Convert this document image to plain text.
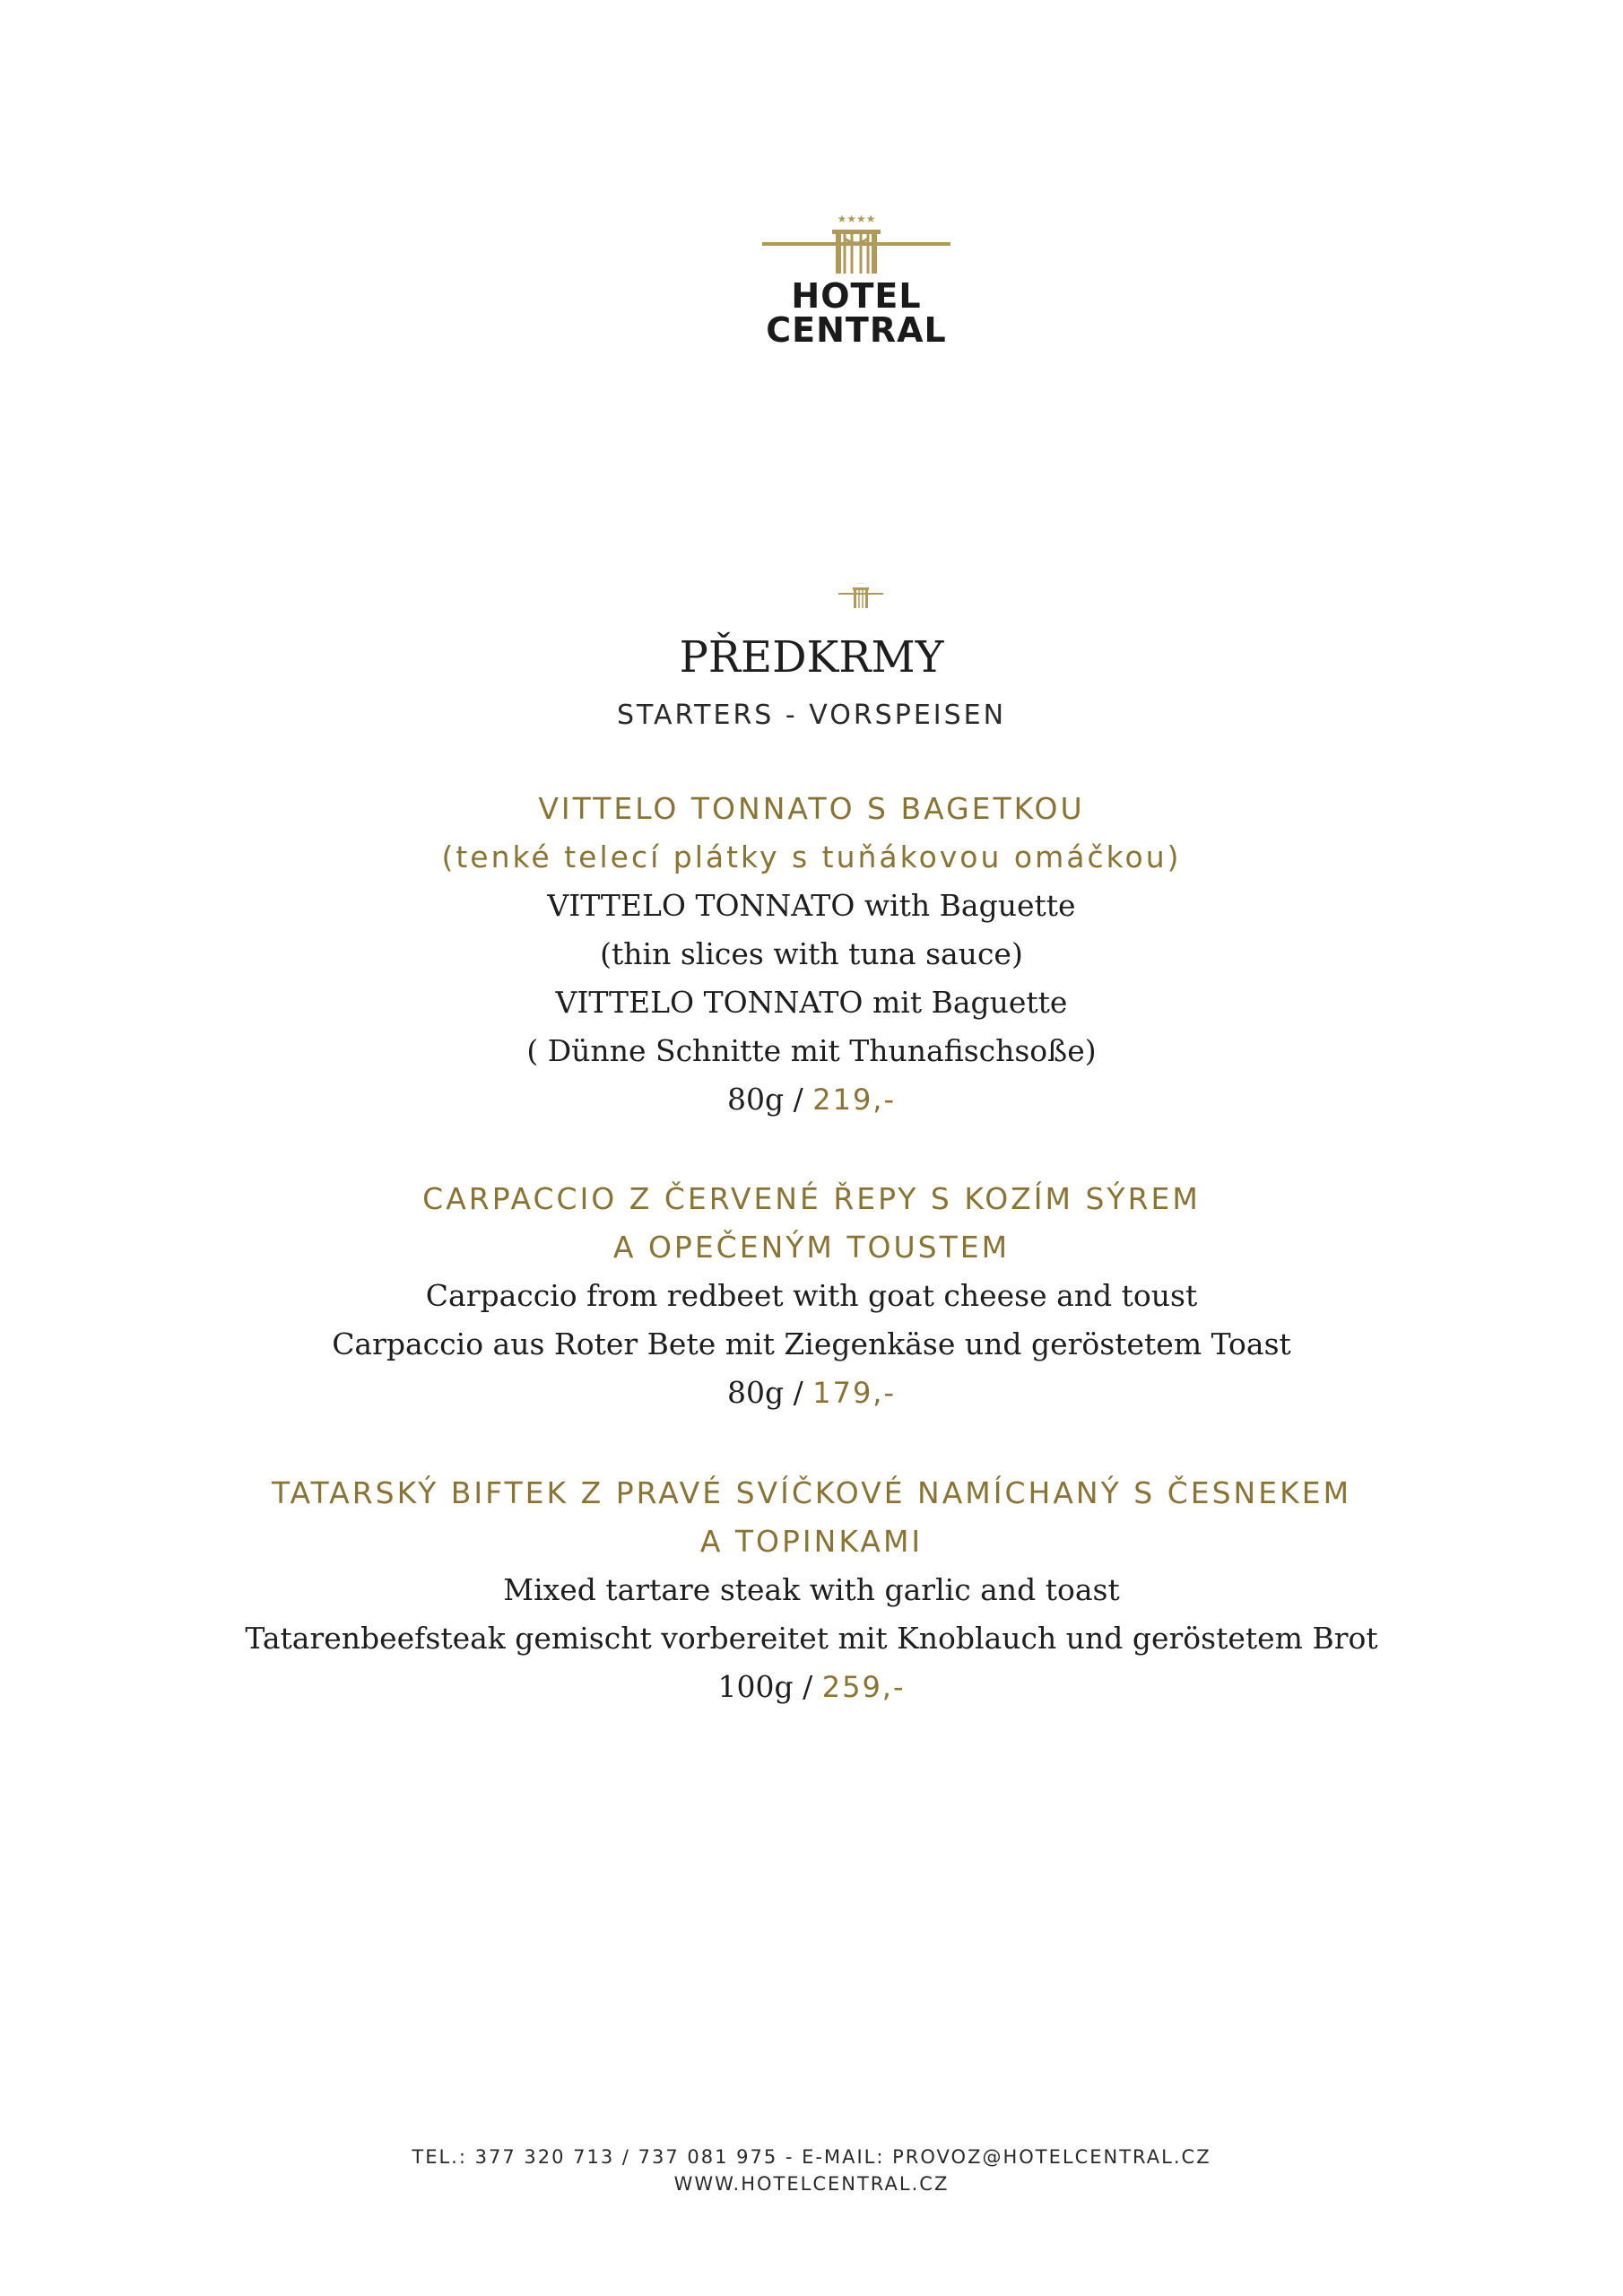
★★★★
HOTEL
CENTRAL
····
PŘEDKRMY
STARTERS - VORSPEISEN
VITTELO TONNATO S BAGETKOU
(tenké telecí plátky s tuňákovou omáčkou)
VITTELO TONNATO with Baguette
(thin slices with tuna sauce)
VITTELO TONNATO mit Baguette
( Dünne Schnitte mit Thunafischsoße)
80g / 219,-
CARPACCIO Z ČERVENÉ ŘEPY S KOZÍM SÝREM
A OPEČENÝM TOUSTEM
Carpaccio from redbeet with goat cheese and toust
Carpaccio aus Roter Bete mit Ziegenkäse und geröstetem Toast
80g / 179,-
TATARSKÝ BIFTEK Z PRAVÉ SVÍČKOVÉ NAMÍCHANÝ S ČESNEKEM
A TOPINKAMI
Mixed tartare steak with garlic and toast
Tatarenbeefsteak gemischt vorbereitet mit Knoblauch und geröstetem Brot
100g / 259,-
TEL.: 377 320 713 / 737 081 975 - E-MAIL: PROVOZ@HOTELCENTRAL.CZ
WWW.HOTELCENTRAL.CZ
